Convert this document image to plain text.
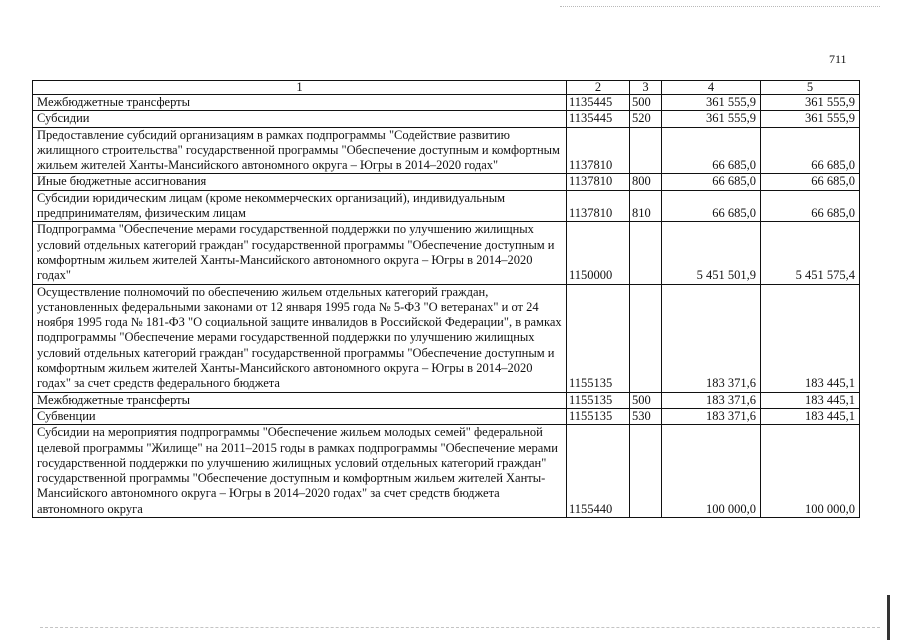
711
1	2	3	4	5
Межбюджетные трансферты	1135445	500	361 555,9	361 555,9
Субсидии	1135445	520	361 555,9	361 555,9
Предоставление субсидий организациям в рамках подпрограммы "Содействие развитию жилищного строительства" государственной программы "Обеспечение доступным и комфортным жильем жителей Ханты-Мансийского автономного округа – Югры в 2014–2020 годах"	1137810		66 685,0	66 685,0
Иные бюджетные ассигнования	1137810	800	66 685,0	66 685,0
Субсидии юридическим лицам (кроме некоммерческих организаций), индивидуальным предпринимателям, физическим лицам	1137810	810	66 685,0	66 685,0
Подпрограмма "Обеспечение мерами государственной поддержки по улучшению жилищных условий отдельных категорий граждан" государственной программы "Обеспечение доступным и комфортным жильем жителей Ханты-Мансийского автономного округа – Югры в 2014–2020 годах"	1150000		5 451 501,9	5 451 575,4
Осуществление полномочий по обеспечению жильем отдельных категорий граждан, установленных федеральными законами от 12 января 1995 года № 5-ФЗ "О ветеранах" и от 24 ноября 1995 года № 181-ФЗ "О социальной защите инвалидов в Российской Федерации", в рамках подпрограммы "Обеспечение мерами государственной поддержки по улучшению жилищных условий отдельных категорий граждан" государственной программы "Обеспечение доступным и комфортным жильем жителей Ханты-Мансийского автономного округа – Югры в 2014–2020 годах" за счет средств федерального бюджета	1155135		183 371,6	183 445,1
Межбюджетные трансферты	1155135	500	183 371,6	183 445,1
Субвенции	1155135	530	183 371,6	183 445,1
Субсидии на мероприятия подпрограммы "Обеспечение жильем молодых семей" федеральной целевой программы "Жилище" на 2011–2015 годы в рамках подпрограммы "Обеспечение мерами государственной поддержки по улучшению жилищных условий отдельных категорий граждан" государственной программы "Обеспечение доступным и комфортным жильем жителей Ханты-Мансийского автономного округа – Югры в 2014–2020 годах" за счет средств бюджета автономного округа	1155440		100 000,0	100 000,0
